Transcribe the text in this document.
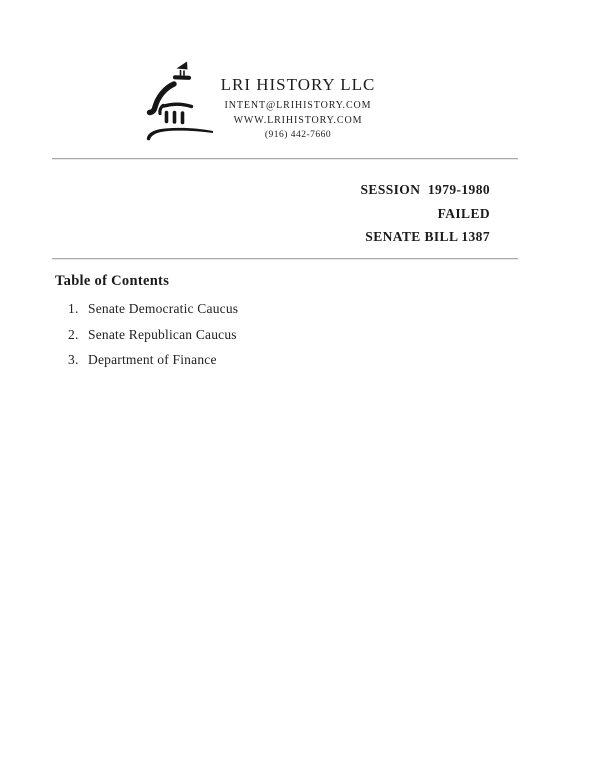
LRI HISTORY LLC
INTENT@LRIHISTORY.COM
WWW.LRIHISTORY.COM
(916) 442-7660
SESSION  1979-1980
FAILED
SENATE BILL 1387
Table of Contents
1. Senate Democratic Caucus
2. Senate Republican Caucus
3. Department of Finance
